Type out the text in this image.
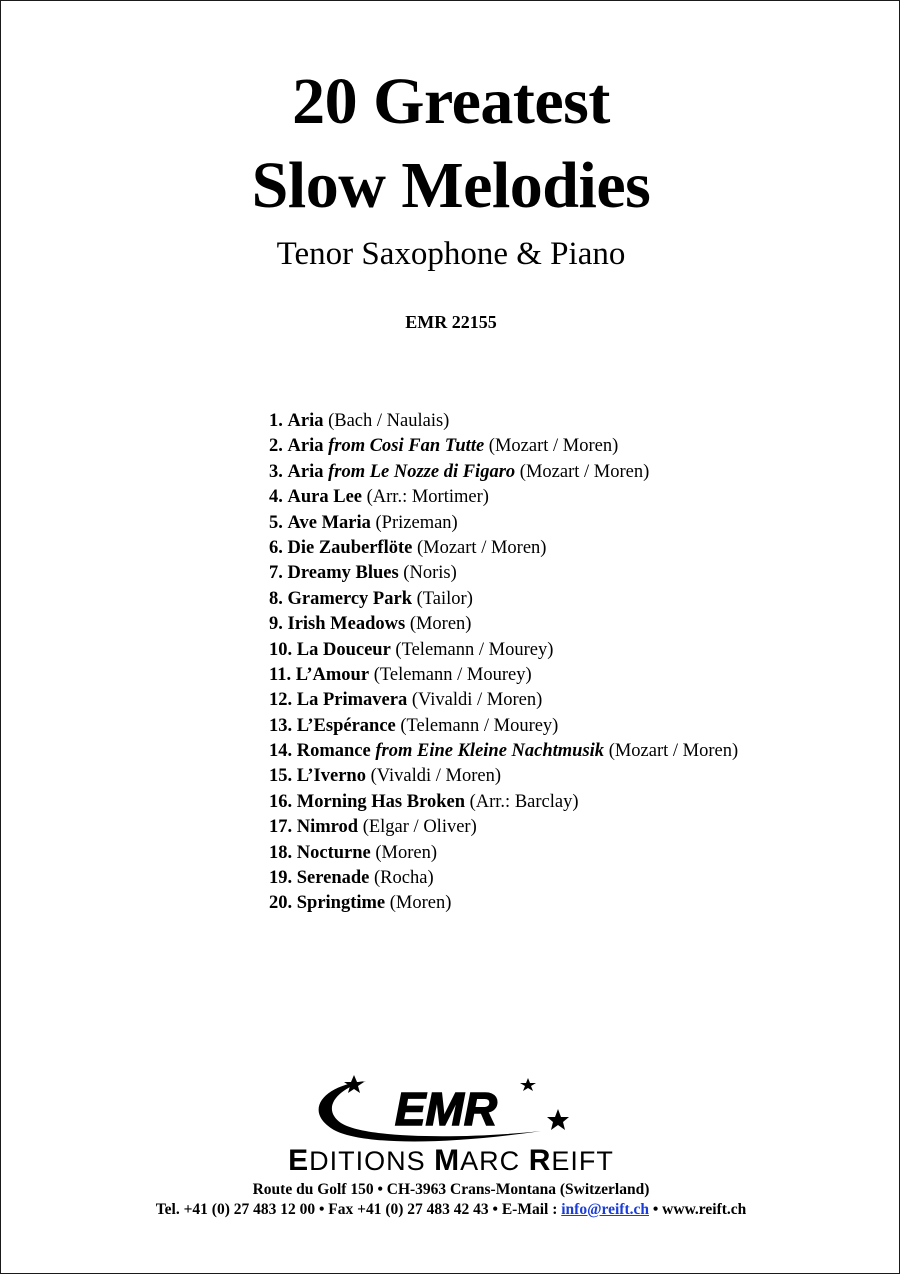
20 Greatest
Slow Melodies
Tenor Saxophone & Piano
EMR 22155
1. Aria (Bach / Naulais)
2. Aria from Cosi Fan Tutte (Mozart / Moren)
3. Aria from Le Nozze di Figaro (Mozart / Moren)
4. Aura Lee (Arr.: Mortimer)
5. Ave Maria (Prizeman)
6. Die Zauberflöte (Mozart / Moren)
7. Dreamy Blues (Noris)
8. Gramercy Park (Tailor)
9. Irish Meadows (Moren)
10. La Douceur (Telemann / Mourey)
11. L’Amour (Telemann / Mourey)
12. La Primavera (Vivaldi / Moren)
13. L’Espérance (Telemann / Mourey)
14. Romance from Eine Kleine Nachtmusik (Mozart / Moren)
15. L’Iverno (Vivaldi / Moren)
16. Morning Has Broken (Arr.: Barclay)
17. Nimrod (Elgar / Oliver)
18. Nocturne (Moren)
19. Serenade (Rocha)
20. Springtime (Moren)
EMR
EDITIONS MARC REIFT
Route du Golf 150 • CH-3963 Crans-Montana (Switzerland)
Tel. +41 (0) 27 483 12 00 • Fax +41 (0) 27 483 42 43 • E-Mail : info@reift.ch • www.reift.ch
